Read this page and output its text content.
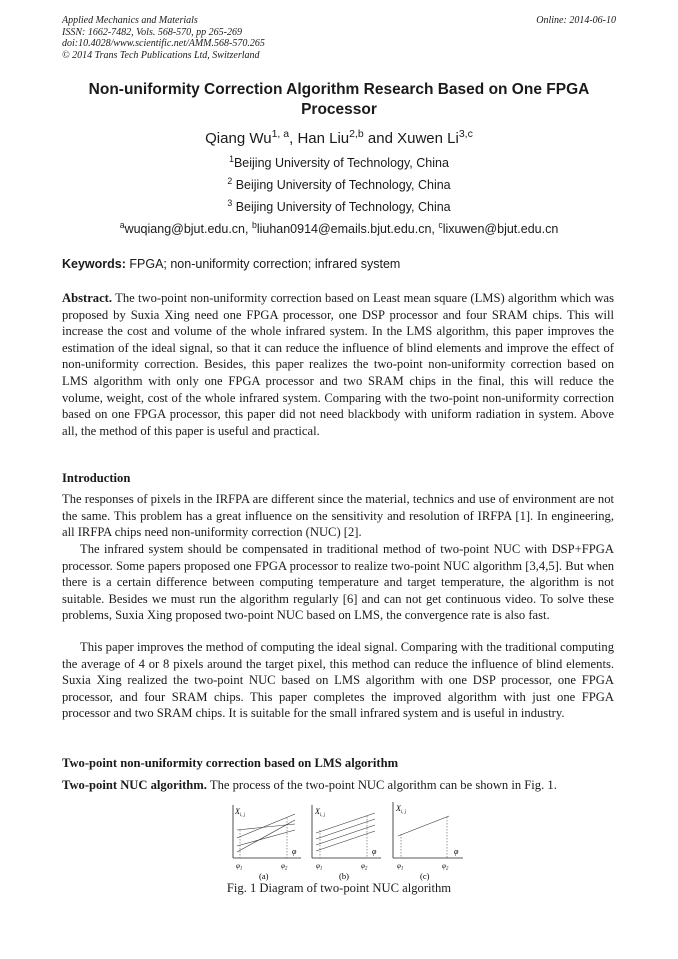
Applied Mechanics and Materials
ISSN: 1662-7482, Vols. 568-570, pp 265-269
doi:10.4028/www.scientific.net/AMM.568-570.265
© 2014 Trans Tech Publications Ltd, Switzerland
Online: 2014-06-10
Non-uniformity Correction Algorithm Research Based on One FPGA Processor
Qiang Wu$^{1, a}$, Han Liu$^{2,b}$ and Xuwen Li$^{3,c}$
$^1$Beijing University of Technology, China
$^2$ Beijing University of Technology, China
$^3$ Beijing University of Technology, China
$^a$wuqiang@bjut.edu.cn, $^b$liuhan0914@emails.bjut.edu.cn, $^c$lixuwen@bjut.edu.cn
Keywords: FPGA; non-uniformity correction; infrared system

Abstract. The two-point non-uniformity correction based on Least mean square (LMS) algorithm which was proposed by Suxia Xing need one FPGA processor, one DSP processor and four SRAM chips. This will increase the cost and volume of the whole infrared system. In the LMS algorithm, this paper improves the estimation of the ideal signal, so that it can reduce the influence of blind elements and improve the effect of non-uniformity correction. Besides, this paper realizes the two-point non-uniformity correction based on LMS algorithm with only one FPGA processor and two SRAM chips in the final, this will reduce the volume, weight, cost of the whole infrared system. Comparing with the two-point non-uniformity correction based on one FPGA processor, this paper did not need blackbody with uniform radiation in system. Above all, the method of this paper is useful and practical.

Introduction

The responses of pixels in the IRFPA are different since the material, technics and use of environment are not the same. This problem has a great influence on the sensitivity and resolution of IRFPA [1]. In engineering, all IRFPA chips need non-uniformity correction (NUC) [2].

The infrared system should be compensated in traditional method of two-point NUC with DSP+FPGA processor. Some papers proposed one FPGA processor to realize two-point NUC algorithm [3,4,5]. But when there is a certain difference between computing temperature and target temperature, the algorithm is not suitable. Besides we must run the algorithm regularly [6] and can not get continuous video. To solve these problems, Suxia Xing proposed two-point NUC based on LMS, the convergence rate is also fast.

This paper improves the method of computing the ideal signal. Comparing with the traditional computing the average of 4 or 8 pixels around the target pixel, this method can reduce the influence of blind elements. Suxia Xing realized the two-point NUC based on LMS algorithm with one DSP processor, one FPGA processor, and four SRAM chips. This paper completes the improved algorithm with just one FPGA processor and two SRAM chips. It is suitable for the small infrared system and is useful in industry.

Two-point non-uniformity correction based on LMS algorithm

Two-point NUC algorithm. The process of the two-point NUC algorithm can be shown in Fig. 1.

$X_{i, j}$
φ
$\varphi_1$	$\varphi_2$
(a)
$X_{i, j}$
φ
$\varphi_1$	$\varphi_2$
(b)
$X_{i, j}$
φ
$\varphi_1$	$\varphi_2$
(c)
Fig. 1 Diagram of two-point NUC algorithm
